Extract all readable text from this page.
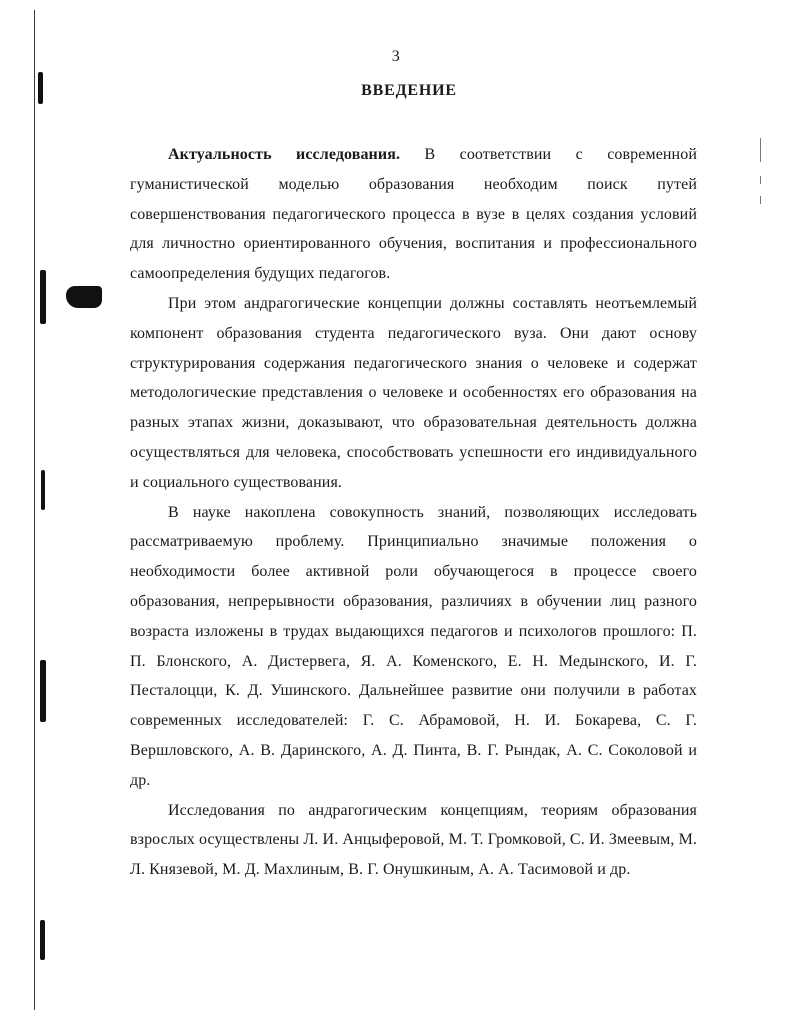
3
ВВЕДЕНИЕ

Актуальность исследования. В соответствии с современной гуманистической моделью образования необходим поиск путей совершенствования педагогического процесса в вузе в целях создания условий для личностно ориентированного обучения, воспитания и профессионального самоопределения будущих педагогов.

При этом андрагогические концепции должны составлять неотъемлемый компонент образования студента педагогического вуза. Они дают основу структурирования содержания педагогического знания о человеке и содержат методологические представления о человеке и особенностях его образования на разных этапах жизни, доказывают, что образовательная деятельность должна осуществляться для человека, способствовать успешности его индивидуального и социального существования.

В науке накоплена совокупность знаний, позволяющих исследовать рассматриваемую проблему. Принципиально значимые положения о необходимости более активной роли обучающегося в процессе своего образования, непрерывности образования, различиях в обучении лиц разного возраста изложены в трудах выдающихся педагогов и психологов прошлого: П. П. Блонского, А. Дистервега, Я. А. Коменского, Е. Н. Медынского, И. Г. Песталоцци, К. Д. Ушинского. Дальнейшее развитие они получили в работах современных исследователей: Г. С. Абрамовой, Н. И. Бокарева, С. Г. Вершловского, А. В. Даринского, А. Д. Пинта, В. Г. Рындак, А. С. Соколовой и др.

Исследования по андрагогическим концепциям, теориям образования взрослых осуществлены Л. И. Анцыферовой, М. Т. Громковой, С. И. Змеевым, М. Л. Князевой, М. Д. Махлиным, В. Г. Онушкиным, А. А. Тасимовой и др.
